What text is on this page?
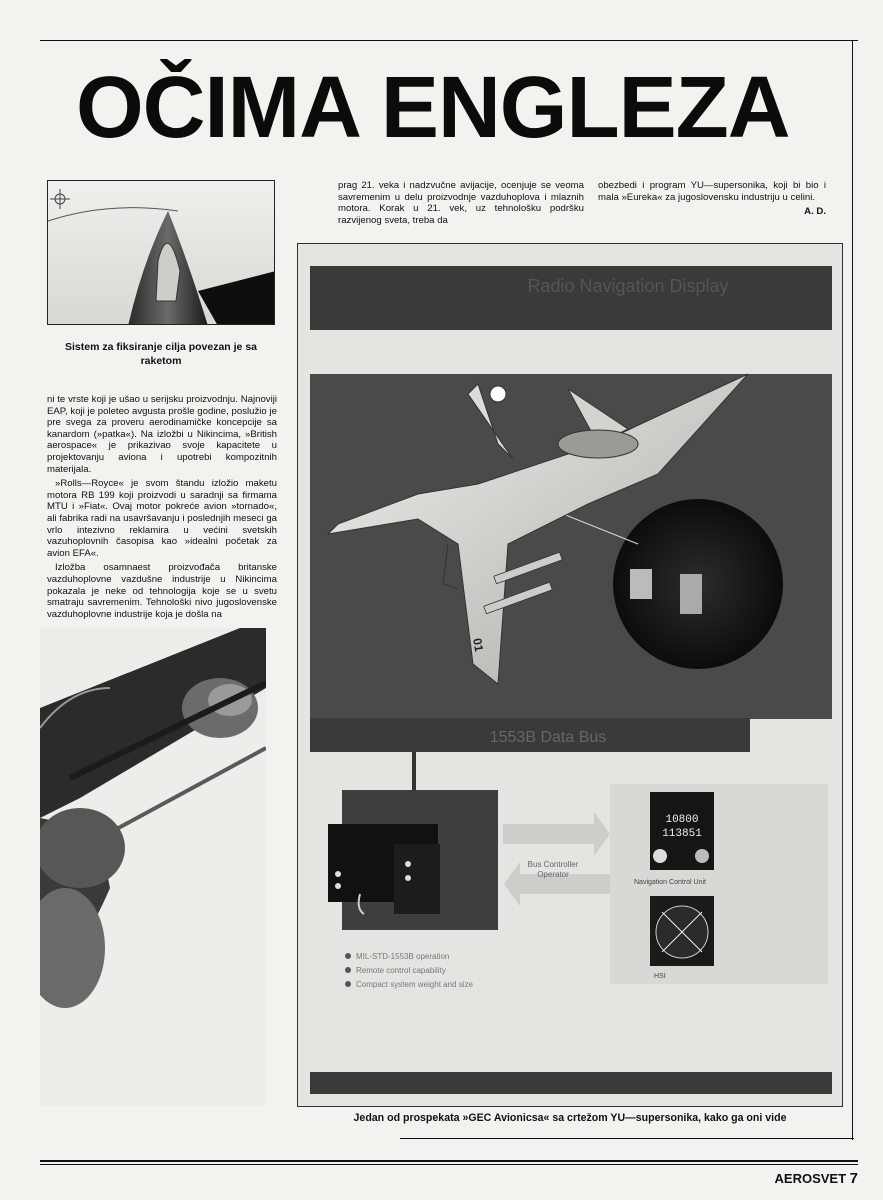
OČIMA ENGLEZA
Sistem za fiksiranje cilja povezan je sa raketom

ni te vrste koji je ušao u serijsku proizvodnju. Najnoviji EAP, koji je poleteo avgusta prošle godine, poslužio je pre svega za proveru aerodinamičke koncepcije sa kanardom (»patka«). Na izložbi u Nikincima, »British aerospace« je prikazivao svoje kapacitete u projektovanju aviona i upotrebi kompozitnih materijala.

»Rolls—Royce« je svom štandu izložio maketu motora RB 199 koji proizvodi u saradnji sa firmama MTU i »Fiat«. Ovaj motor pokreće avion »tornado«, ali fabrika radi na usavršavanju i poslednjih meseci ga vrlo intezivno reklamira u većini svetskih vazuhoplovnih časopisa kao »idealni početak za avion EFA«.

Izložba osamnaest proizvođača britanske vazduhoplovne vazdušne industrije u Nikincima pokazala je neke od tehnologija koje se u svetu smatraju savremenim. Tehnološki nivo jugoslovenske vazduhoplovne industrije koja je došla na

prag 21. veka i nadzvučne avijacije, ocenjuje se veoma savremenim u delu proizvodnje vazduhoplova i mlaznih motora. Korak u 21. vek, uz tehnološku podršku razvijenog sveta, treba da

obezbedi i program YU—supersonika, koji bi bio i mala »Eureka« za jugoslovensku industriju u celini.

A. D.
Radio Navigation Display
01
1553B Data Bus
Bus Controller
Operator
10800
113851
Navigation Control Unit
HSI
MIL-STD-1553B operation
Remote control capability
Compact system weight and size
Jedan od prospekata »GEC Avionicsa« sa crtežom YU—supersonika, kako ga oni vide
AEROSVET 7
